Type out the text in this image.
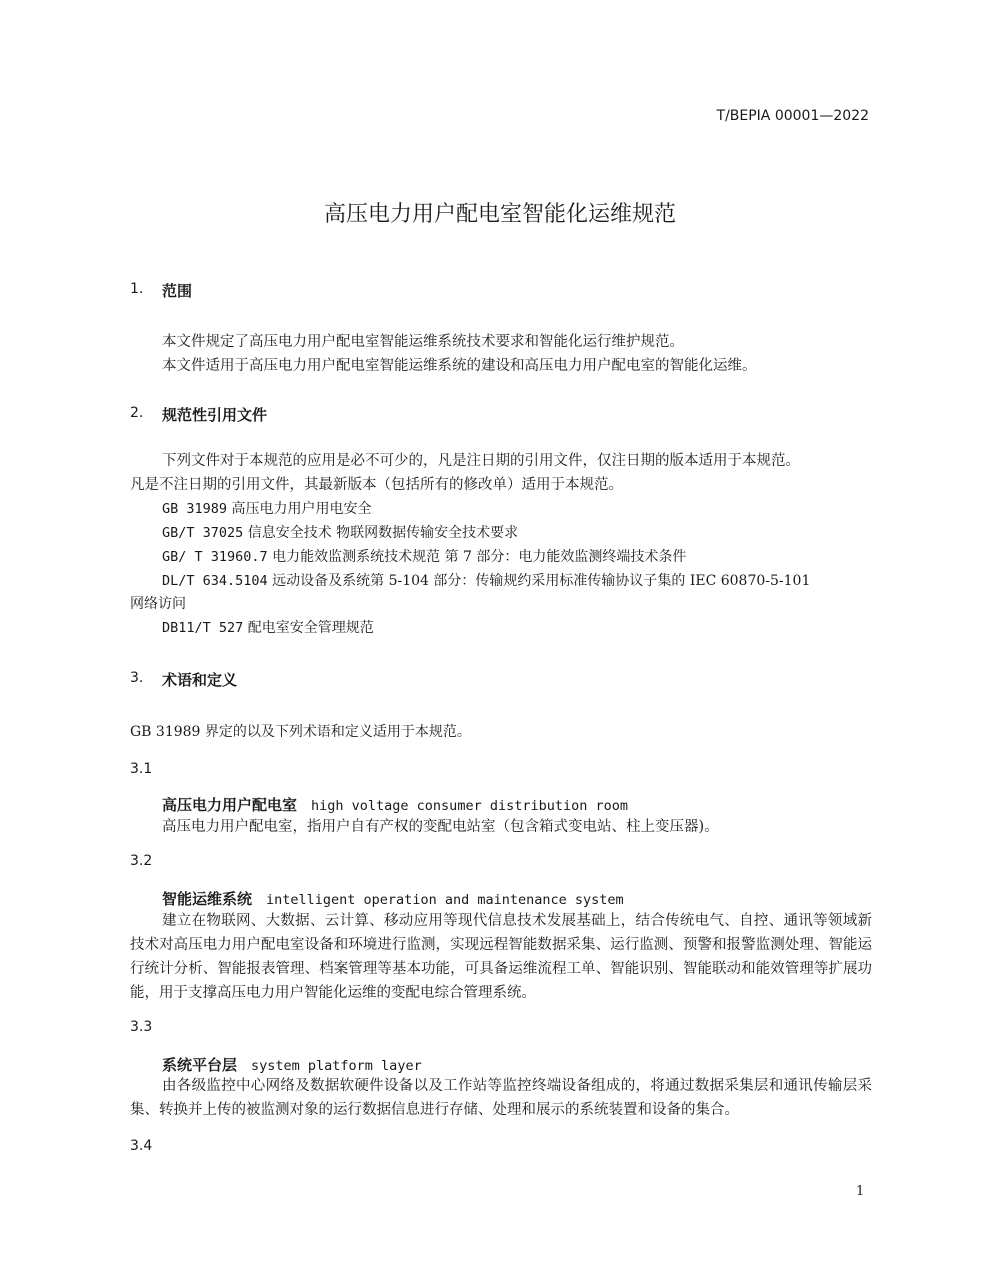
T/BEPIA 00001—2022
高压电力用户配电室智能化运维规范
1. 范围
本文件规定了高压电力用户配电室智能运维系统技术要求和智能化运行维护规范。
本文件适用于高压电力用户配电室智能运维系统的建设和高压电力用户配电室的智能化运维。
2. 规范性引用文件
下列文件对于本规范的应用是必不可少的，凡是注日期的引用文件，仅注日期的版本适用于本规范。
凡是不注日期的引用文件，其最新版本（包括所有的修改单）适用于本规范。
GB 31989 高压电力用户用电安全
GB/T 37025 信息安全技术 物联网数据传输安全技术要求
GB/ T 31960.7 电力能效监测系统技术规范 第 7 部分：电力能效监测终端技术条件
DL/T 634.5104 远动设备及系统第 5-104 部分：传输规约采用标准传输协议子集的 IEC 60870-5-101
网络访问
DB11/T 527 配电室安全管理规范
3. 术语和定义
GB 31989 界定的以及下列术语和定义适用于本规范。
3.1
高压电力用户配电室 high voltage consumer distribution room
高压电力用户配电室，指用户自有产权的变配电站室（包含箱式变电站、柱上变压器)。
3.2
智能运维系统 intelligent operation and maintenance system
建立在物联网、大数据、云计算、移动应用等现代信息技术发展基础上，结合传统电气、自控、通讯等领域新技术对高压电力用户配电室设备和环境进行监测，实现远程智能数据采集、运行监测、预警和报警监测处理、智能运行统计分析、智能报表管理、档案管理等基本功能，可具备运维流程工单、智能识别、智能联动和能效管理等扩展功能，用于支撑高压电力用户智能化运维的变配电综合管理系统。
3.3
系统平台层 system platform layer
由各级监控中心网络及数据软硬件设备以及工作站等监控终端设备组成的，将通过数据采集层和通讯传输层采集、转换并上传的被监测对象的运行数据信息进行存储、处理和展示的系统装置和设备的集合。
3.4
1
